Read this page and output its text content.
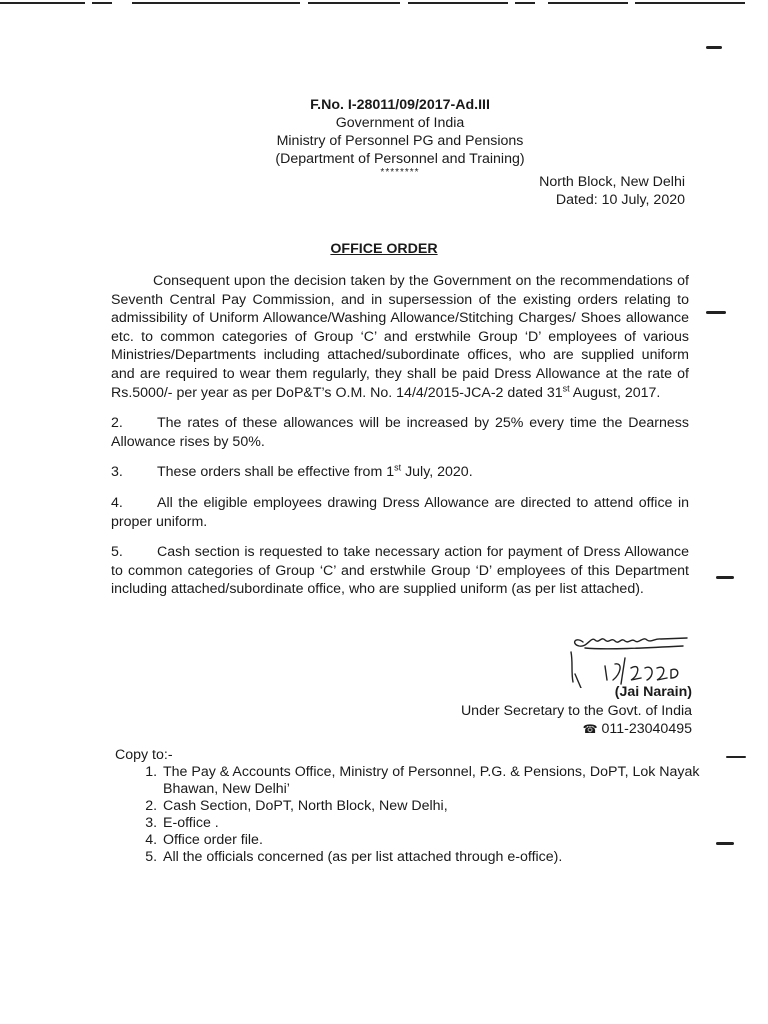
F.No. I-28011/09/2017-Ad.III
Government of India
Ministry of Personnel PG and Pensions
(Department of Personnel and Training)
********
North Block, New Delhi
Dated: 10 July, 2020
OFFICE ORDER

Consequent upon the decision taken by the Government on the recommendations of Seventh Central Pay Commission, and in supersession of the existing orders relating to admissibility of Uniform Allowance/Washing Allowance/Stitching Charges/ Shoes allowance etc. to common categories of Group ‘C’ and erstwhile Group ‘D’ employees of various Ministries/Departments including attached/subordinate offices, who are supplied uniform and are required to wear them regularly, they shall be paid Dress Allowance at the rate of Rs.5000/- per year as per DoP&T’s O.M. No. 14/4/2015-JCA-2 dated 31st August, 2017.

2. The rates of these allowances will be increased by 25% every time the Dearness Allowance rises by 50%.

3. These orders shall be effective from 1st July, 2020.

4. All the eligible employees drawing Dress Allowance are directed to attend office in proper uniform.

5. Cash section is requested to take necessary action for payment of Dress Allowance to common categories of Group ‘C’ and erstwhile Group ‘D’ employees of this Department including attached/subordinate office, who are supplied uniform (as per list attached).

(Jai Narain)
Under Secretary to the Govt. of India
☎ 011-23040495
Copy to:-
1. The Pay & Accounts Office, Ministry of Personnel, P.G. & Pensions, DoPT, Lok Nayak Bhawan, New Delhi’
2. Cash Section, DoPT, North Block, New Delhi,
3. E-office .
4. Office order file.
5. All the officials concerned (as per list attached through e-office).
